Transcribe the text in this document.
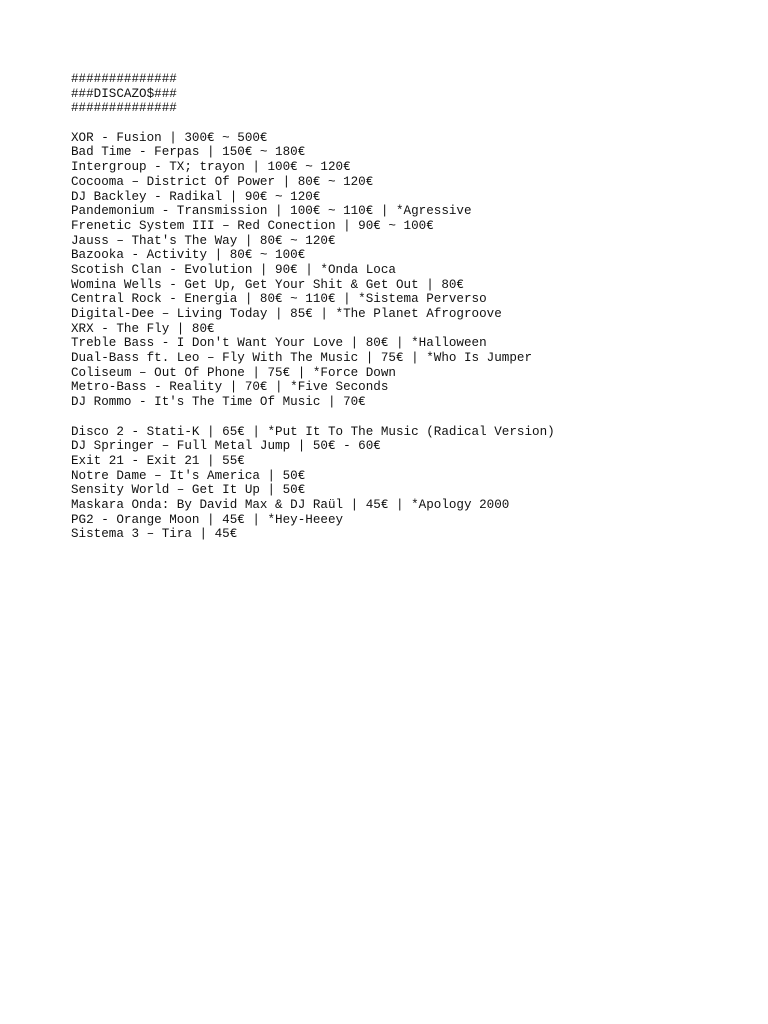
##############
###DISCAZO$###
##############
XOR - Fusion | 300€ ~ 500€
Bad Time - Ferpas | 150€ ~ 180€
Intergroup - TX; trayon | 100€ ~ 120€
Cocooma – District Of Power | 80€ ~ 120€
DJ Backley - Radikal | 90€ ~ 120€
Pandemonium - Transmission | 100€ ~ 110€ | *Agressive
Frenetic System III – Red Conection | 90€ ~ 100€
Jauss – That's The Way | 80€ ~ 120€
Bazooka - Activity | 80€ ~ 100€
Scotish Clan - Evolution | 90€ | *Onda Loca
Womina Wells - Get Up, Get Your Shit & Get Out | 80€
Central Rock - Energia | 80€ ~ 110€ | *Sistema Perverso
Digital-Dee – Living Today | 85€ | *The Planet Afrogroove
XRX - The Fly | 80€
Treble Bass - I Don't Want Your Love | 80€ | *Halloween
Dual-Bass ft. Leo – Fly With The Music | 75€ | *Who Is Jumper
Coliseum – Out Of Phone | 75€ | *Force Down
Metro-Bass - Reality | 70€ | *Five Seconds
DJ Rommo - It's The Time Of Music | 70€
Disco 2 - Stati-K | 65€ | *Put It To The Music (Radical Version)
DJ Springer – Full Metal Jump | 50€ - 60€
Exit 21 - Exit 21 | 55€
Notre Dame – It's America | 50€
Sensity World – Get It Up | 50€
Maskara Onda: By David Max & DJ Raül | 45€ | *Apology 2000
PG2 - Orange Moon | 45€ | *Hey-Heeey
Sistema 3 – Tira | 45€
